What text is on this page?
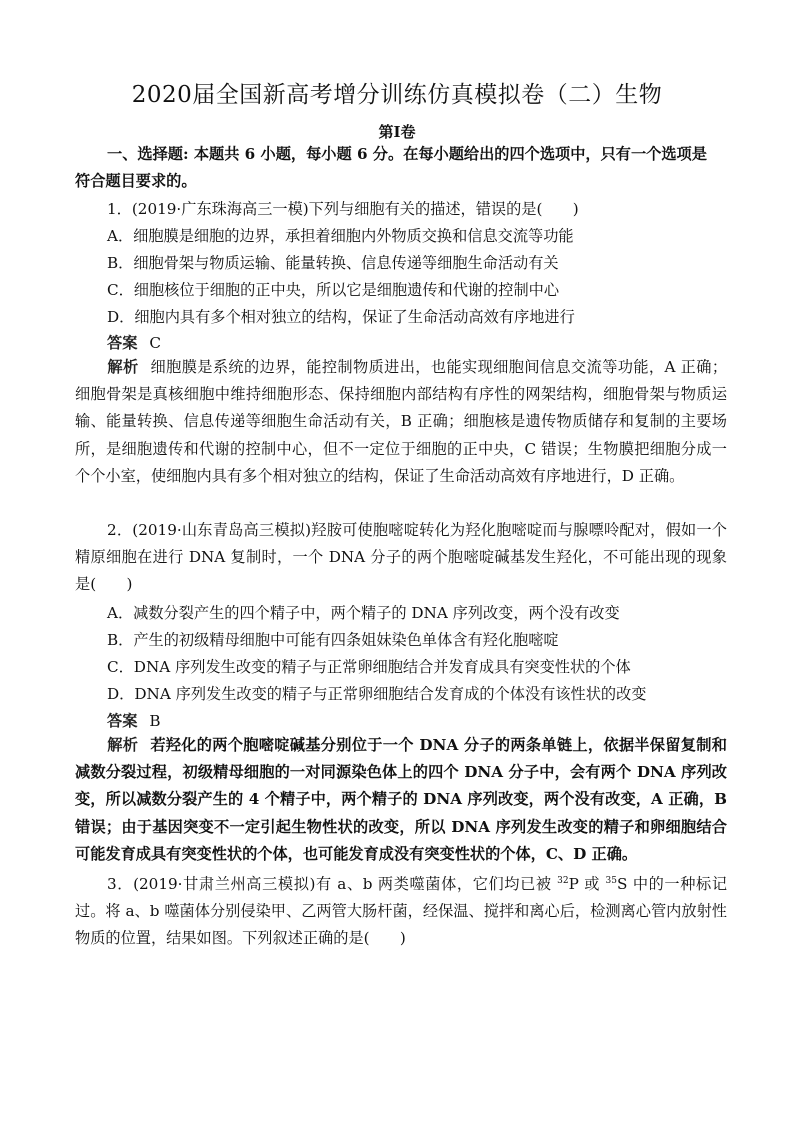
2020届全国新高考增分训练仿真模拟卷（二）生物
第Ⅰ卷
一、选择题: 本题共 6 小题，每小题 6 分。在每小题给出的四个选项中，只有一个选项是
符合题目要求的。
1．(2019·广东珠海高三一模)下列与细胞有关的描述，错误的是(　　)
A．细胞膜是细胞的边界，承担着细胞内外物质交换和信息交流等功能
B．细胞骨架与物质运输、能量转换、信息传递等细胞生命活动有关
C．细胞核位于细胞的正中央，所以它是细胞遗传和代谢的控制中心
D．细胞内具有多个相对独立的结构，保证了生命活动高效有序地进行
答案 C
解析 细胞膜是系统的边界，能控制物质进出，也能实现细胞间信息交流等功能，A 正确；细胞骨架是真核细胞中维持细胞形态、保持细胞内部结构有序性的网架结构，细胞骨架与物质运输、能量转换、信息传递等细胞生命活动有关，B 正确；细胞核是遗传物质储存和复制的主要场所，是细胞遗传和代谢的控制中心，但不一定位于细胞的正中央，C 错误；生物膜把细胞分成一个个小室，使细胞内具有多个相对独立的结构，保证了生命活动高效有序地进行，D 正确。
2．(2019·山东青岛高三模拟)羟胺可使胞嘧啶转化为羟化胞嘧啶而与腺嘌呤配对，假如一个精原细胞在进行 DNA 复制时，一个 DNA 分子的两个胞嘧啶碱基发生羟化，不可能出现的现象是(　　)
A．减数分裂产生的四个精子中，两个精子的 DNA 序列改变，两个没有改变
B．产生的初级精母细胞中可能有四条姐妹染色单体含有羟化胞嘧啶
C．DNA 序列发生改变的精子与正常卵细胞结合并发育成具有突变性状的个体
D．DNA 序列发生改变的精子与正常卵细胞结合发育成的个体没有该性状的改变
答案 B
解析 若羟化的两个胞嘧啶碱基分别位于一个 DNA 分子的两条单链上，依据半保留复制和减数分裂过程，初级精母细胞的一对同源染色体上的四个 DNA 分子中，会有两个 DNA 序列改变，所以减数分裂产生的 4 个精子中，两个精子的 DNA 序列改变，两个没有改变，A 正确，B 错误；由于基因突变不一定引起生物性状的改变，所以 DNA 序列发生改变的精子和卵细胞结合可能发育成具有突变性状的个体，也可能发育成没有突变性状的个体，C、D 正确。
3．(2019·甘肃兰州高三模拟)有 a、b 两类噬菌体，它们均已被 $^{32}$P 或 $^{35}$S 中的一种标记过。将 a、b 噬菌体分别侵染甲、乙两管大肠杆菌，经保温、搅拌和离心后，检测离心管内放射性物质的位置，结果如图。下列叙述正确的是(　　)
